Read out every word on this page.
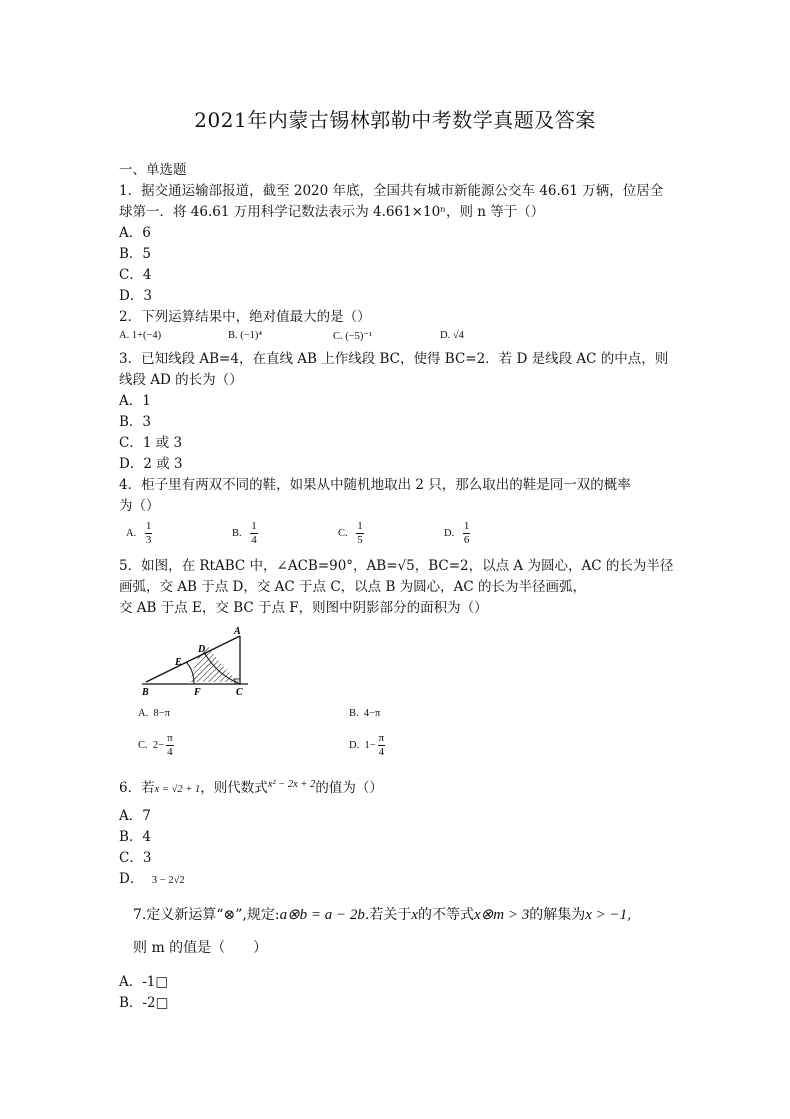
2021年内蒙古锡林郭勒中考数学真题及答案
一、单选题
1．据交通运输部报道，截至 2020 年底，全国共有城市新能源公交车 46.61 万辆，位居全
球第一．将 46.61 万用科学记数法表示为 4.661×10ⁿ，则 n 等于（）
A．6
B．5
C．4
D．3
2．下列运算结果中，绝对值最大的是（）
A. 1+(−4)	B. (−1)⁴	C. (−5)⁻¹	D. √4
3．已知线段 AB=4，在直线 AB 上作线段 BC，使得 BC=2．若 D 是线段 AC 的中点，则
线段 AD 的长为（）
A．1
B．3
C．1 或 3
D．2 或 3
4．柜子里有两双不同的鞋，如果从中随机地取出 2 只，那么取出的鞋是同一双的概率
为（）
A. $\frac{1}{3}$	B. $\frac{1}{4}$	C. $\frac{1}{5}$	D. $\frac{1}{6}$
5．如图，在 RtABC 中，∠ACB=90°，AB=√5，BC=2，以点 A 为圆心，AC 的长为半径
画弧，交 AB 于点 D，交 AC 于点 C，以点 B 为圆心，AC 的长为半径画弧，
交 AB 于点 E，交 BC 于点 F，则图中阴影部分的面积为（）
A
B	C
D
E
F
A. 8−π	B. 4−π
C. $2- \frac{\pi}{4}$	D. $1- \frac{\pi}{4}$
6．若x = √2 + 1，则代数式$^{x^2 - 2x + 2}$的值为（）
A．7
B．4
C．3
D． 3 − 2√2
7.定义新运算“⊗”,规定:a⊗b = a − 2b.若关于x的不等式x⊗m > 3的解集为x > −1,
则 m 的值是（　　）
A．-1□
B．-2□
